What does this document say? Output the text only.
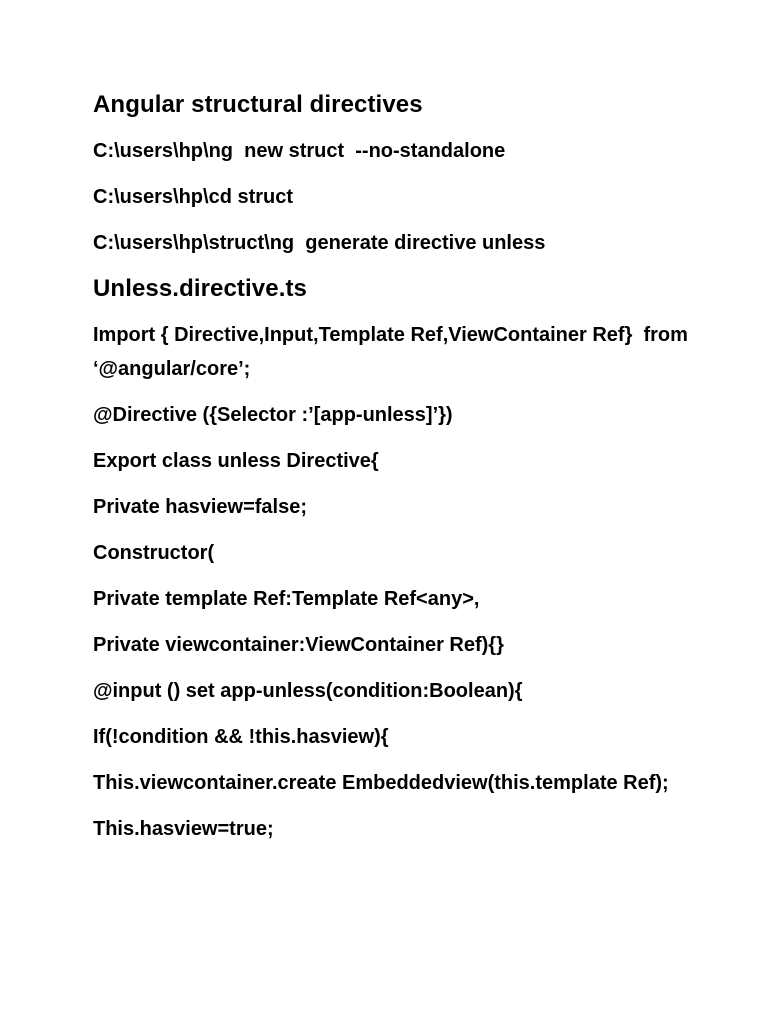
Angular structural directives
C:\users\hp\ng  new struct  --no-standalone
C:\users\hp\cd struct
C:\users\hp\struct\ng  generate directive unless
Unless.directive.ts
Import { Directive,Input,Template Ref,ViewContainer Ref}  from  ‘@angular/core’;
@Directive ({Selector :’[app-unless]’})
Export class unless Directive{
Private hasview=false;
Constructor(
Private template Ref:Template Ref<any>,
Private viewcontainer:ViewContainer Ref){}
@input () set app-unless(condition:Boolean){
If(!condition && !this.hasview){
This.viewcontainer.create Embeddedview(this.template Ref);
This.hasview=true;
